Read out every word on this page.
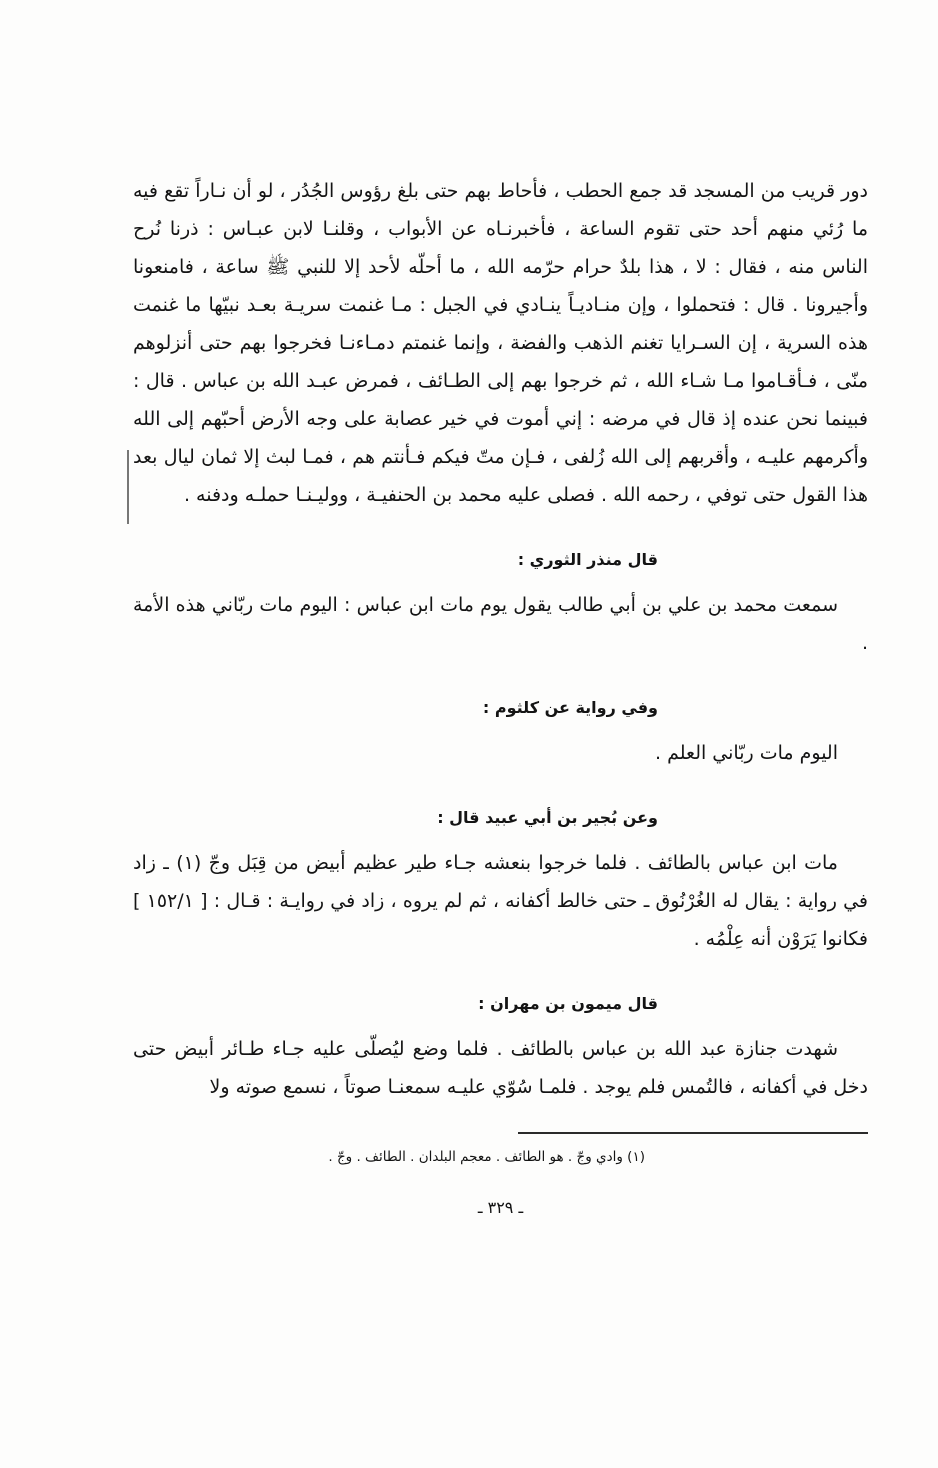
دور قريب من المسجد قد جمع الحطب ، فأحاط بهم حتى بلغ رؤوس الجُدُر ، لو أن نـاراً تقع فيه ما رُئي منهم أحد حتى تقوم الساعة ، فأخبرنـاه عن الأبواب ، وقلنـا لابن عبـاس : ذرنا نُرح الناس منه ، فقال : لا ، هذا بلدٌ حرام حرّمه الله ، ما أحلّه لأحد إلا للنبي ﷺ ساعة ، فامنعونا وأجيرونا . قال : فتحملوا ، وإن منـاديـاً ينـادي في الجبل : مـا غنمت سريـة بعـد نبيّها ما غنمت هذه السرية ، إن السـرايا تغنم الذهب والفضة ، وإنما غنمتم دمـاءنـا فخرجوا بهم حتى أنزلوهم منّى ، فـأقـاموا مـا شـاء الله ، ثم خرجوا بهم إلى الطـائف ، فمرض عبـد الله بن عباس . قال : فبينما نحن عنده إذ قال في مرضه : إني أموت في خير عصابة على وجه الأرض أحبّهم إلى الله وأكرمهم عليـه ، وأقربهم إلى الله زُلفى ، فـإن متّ فيكم فـأنتم هم ، فمـا لبث إلا ثمان ليال بعد هذا القول حتى توفي ، رحمه الله . فصلى عليه محمد بن الحنفيـة ، ووليـنـا حملـه ودفنه .

قال منذر الثوري :

سمعت محمد بن علي بن أبي طالب يقول يوم مات ابن عباس : اليوم مات ربّاني هذه الأمة .

وفي رواية عن كلثوم :

اليوم مات ربّاني العلم .

وعن بُجير بن أبي عبيد قال :

مات ابن عباس بالطائف . فلما خرجوا بنعشه جـاء طير عظيم أبيض من قِبَل وجّ (١) ـ زاد في رواية : يقال له الغُرْنُوق ـ حتى خالط أكفانه ، ثم لم يروه ، زاد في روايـة : قـال : [ ١٥٢/١ ] فكانوا يَرَوْن أنه عِلْمُه .

قال ميمون بن مهران :

شهدت جنازة عبد الله بن عباس بالطائف . فلما وضع ليُصلّى عليه جـاء طـائر أبيض حتى دخل في أكفانه ، فالتُمس فلم يوجد . فلمـا سُوّي عليـه سمعنـا صوتاً ، نسمع صوته ولا

(١) وادي وجّ . هو الطائف . معجم البلدان . الطائف . وجّ .

ـ ٣٢٩ ـ
